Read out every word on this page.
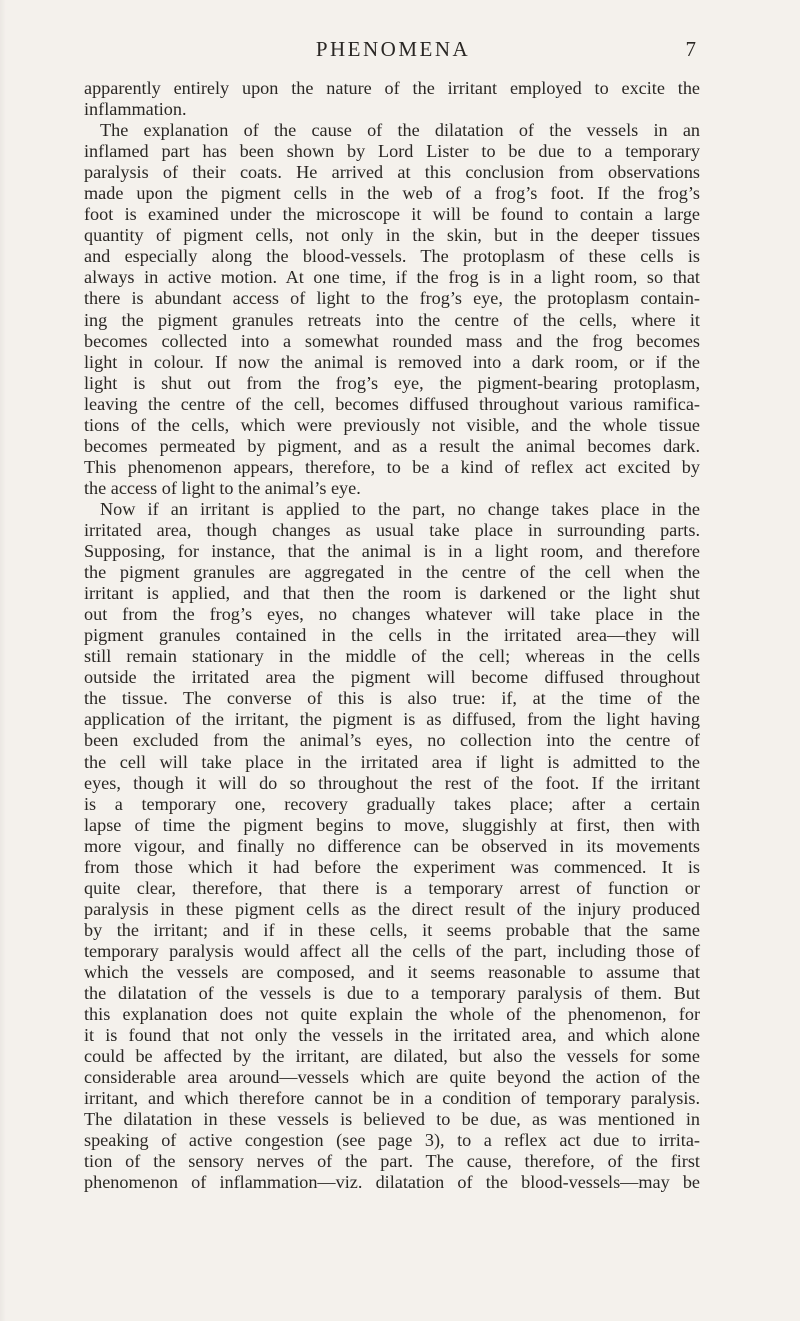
PHENOMENA	7
apparently entirely upon the nature of the irritant employed to excite the
inflammation.
The explanation of the cause of the dilatation of the vessels in an
inflamed part has been shown by Lord Lister to be due to a temporary
paralysis of their coats. He arrived at this conclusion from observations
made upon the pigment cells in the web of a frog’s foot. If the frog’s
foot is examined under the microscope it will be found to contain a large
quantity of pigment cells, not only in the skin, but in the deeper tissues
and especially along the blood-vessels. The protoplasm of these cells is
always in active motion. At one time, if the frog is in a light room, so that
there is abundant access of light to the frog’s eye, the protoplasm contain-
ing the pigment granules retreats into the centre of the cells, where it
becomes collected into a somewhat rounded mass and the frog becomes
light in colour. If now the animal is removed into a dark room, or if the
light is shut out from the frog’s eye, the pigment-bearing protoplasm,
leaving the centre of the cell, becomes diffused throughout various ramifica-
tions of the cells, which were previously not visible, and the whole tissue
becomes permeated by pigment, and as a result the animal becomes dark.
This phenomenon appears, therefore, to be a kind of reflex act excited by
the access of light to the animal’s eye.
Now if an irritant is applied to the part, no change takes place in the
irritated area, though changes as usual take place in surrounding parts.
Supposing, for instance, that the animal is in a light room, and therefore
the pigment granules are aggregated in the centre of the cell when the
irritant is applied, and that then the room is darkened or the light shut
out from the frog’s eyes, no changes whatever will take place in the
pigment granules contained in the cells in the irritated area—they will
still remain stationary in the middle of the cell; whereas in the cells
outside the irritated area the pigment will become diffused throughout
the tissue. The converse of this is also true: if, at the time of the
application of the irritant, the pigment is as diffused, from the light having
been excluded from the animal’s eyes, no collection into the centre of
the cell will take place in the irritated area if light is admitted to the
eyes, though it will do so throughout the rest of the foot. If the irritant
is a temporary one, recovery gradually takes place; after a certain
lapse of time the pigment begins to move, sluggishly at first, then with
more vigour, and finally no difference can be observed in its movements
from those which it had before the experiment was commenced. It is
quite clear, therefore, that there is a temporary arrest of function or
paralysis in these pigment cells as the direct result of the injury produced
by the irritant; and if in these cells, it seems probable that the same
temporary paralysis would affect all the cells of the part, including those of
which the vessels are composed, and it seems reasonable to assume that
the dilatation of the vessels is due to a temporary paralysis of them. But
this explanation does not quite explain the whole of the phenomenon, for
it is found that not only the vessels in the irritated area, and which alone
could be affected by the irritant, are dilated, but also the vessels for some
considerable area around—vessels which are quite beyond the action of the
irritant, and which therefore cannot be in a condition of temporary paralysis.
The dilatation in these vessels is believed to be due, as was mentioned in
speaking of active congestion (see page 3), to a reflex act due to irrita-
tion of the sensory nerves of the part. The cause, therefore, of the first
phenomenon of inflammation—viz. dilatation of the blood-vessels—may be
